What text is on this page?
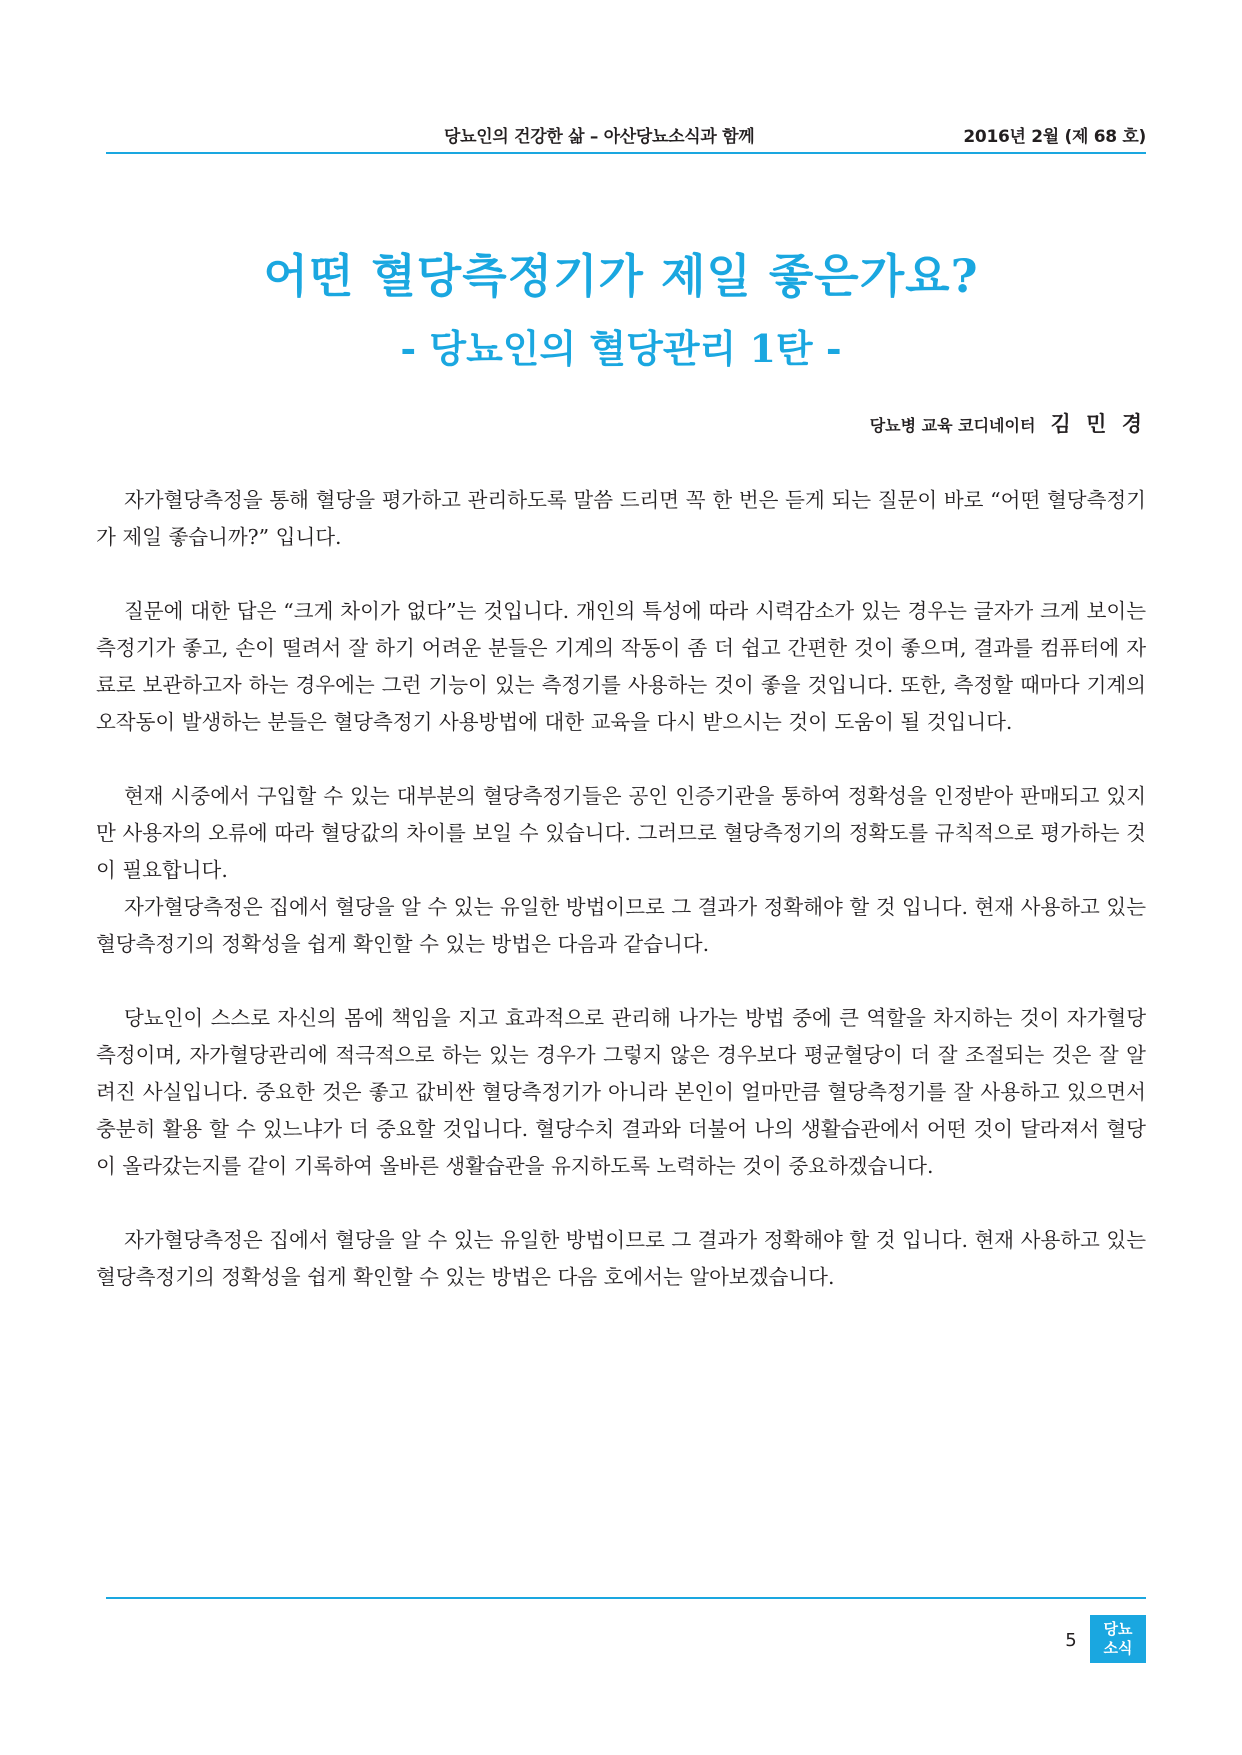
당뇨인의 건강한 삶 – 아산당뇨소식과 함께	2016년 2월 (제 68 호)
어떤 혈당측정기가 제일 좋은가요?
- 당뇨인의 혈당관리 1탄 -
당뇨병 교육 코디네이터 김 민 경

자가혈당측정을 통해 혈당을 평가하고 관리하도록 말씀 드리면 꼭 한 번은 듣게 되는 질문이 바로 “어떤 혈당측정기가 제일 좋습니까?” 입니다.

질문에 대한 답은 “크게 차이가 없다”는 것입니다. 개인의 특성에 따라 시력감소가 있는 경우는 글자가 크게 보이는 측정기가 좋고, 손이 떨려서 잘 하기 어려운 분들은 기계의 작동이 좀 더 쉽고 간편한 것이 좋으며, 결과를 컴퓨터에 자료로 보관하고자 하는 경우에는 그런 기능이 있는 측정기를 사용하는 것이 좋을 것입니다. 또한, 측정할 때마다 기계의 오작동이 발생하는 분들은 혈당측정기 사용방법에 대한 교육을 다시 받으시는 것이 도움이 될 것입니다.

현재 시중에서 구입할 수 있는 대부분의 혈당측정기들은 공인 인증기관을 통하여 정확성을 인정받아 판매되고 있지만 사용자의 오류에 따라 혈당값의 차이를 보일 수 있습니다. 그러므로 혈당측정기의 정확도를 규칙적으로 평가하는 것이 필요합니다.

자가혈당측정은 집에서 혈당을 알 수 있는 유일한 방법이므로 그 결과가 정확해야 할 것 입니다. 현재 사용하고 있는 혈당측정기의 정확성을 쉽게 확인할 수 있는 방법은 다음과 같습니다.

당뇨인이 스스로 자신의 몸에 책임을 지고 효과적으로 관리해 나가는 방법 중에 큰 역할을 차지하는 것이 자가혈당측정이며, 자가혈당관리에 적극적으로 하는 있는 경우가 그렇지 않은 경우보다 평균혈당이 더 잘 조절되는 것은 잘 알려진 사실입니다. 중요한 것은 좋고 값비싼 혈당측정기가 아니라 본인이 얼마만큼 혈당측정기를 잘 사용하고 있으면서 충분히 활용 할 수 있느냐가 더 중요할 것입니다. 혈당수치 결과와 더불어 나의 생활습관에서 어떤 것이 달라져서 혈당이 올라갔는지를 같이 기록하여 올바른 생활습관을 유지하도록 노력하는 것이 중요하겠습니다.

자가혈당측정은 집에서 혈당을 알 수 있는 유일한 방법이므로 그 결과가 정확해야 할 것 입니다. 현재 사용하고 있는 혈당측정기의 정확성을 쉽게 확인할 수 있는 방법은 다음 호에서는 알아보겠습니다.

5
당뇨
소식
